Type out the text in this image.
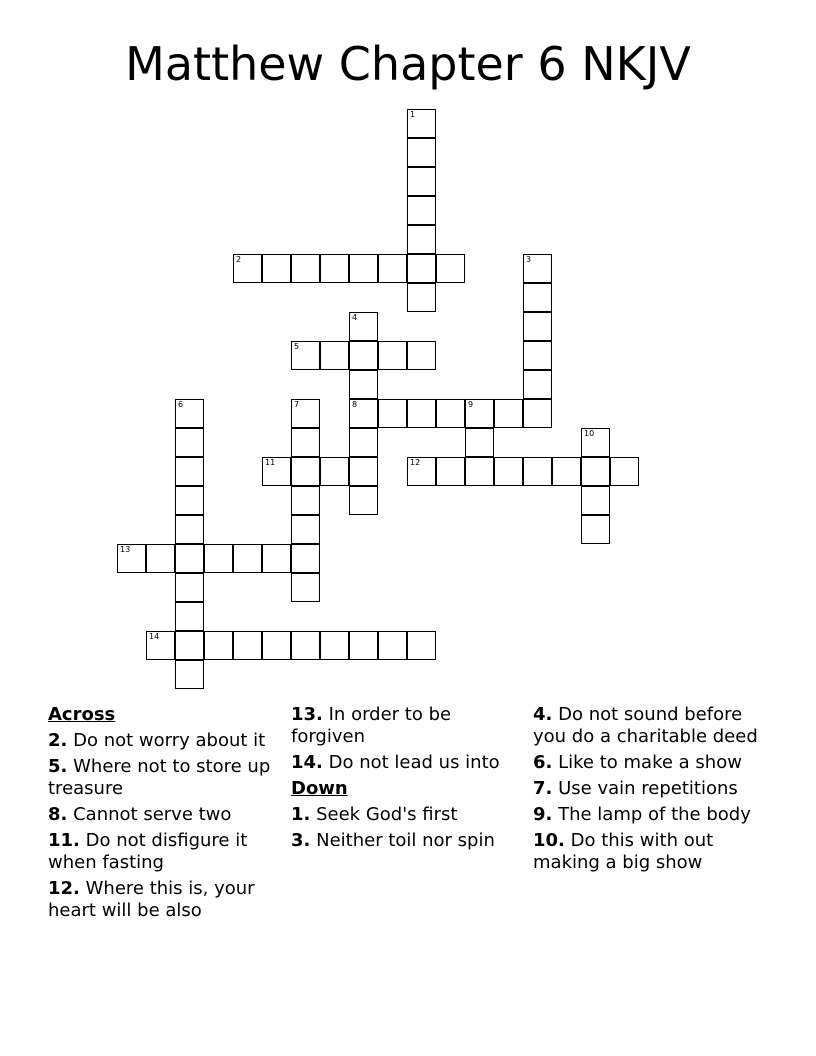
Matthew Chapter 6 NKJV
1
2	3
4
8
5
6	7	9
10
11	12
13
14
Across
2. Do not worry about it
5. Where not to store up treasure
8. Cannot serve two
11. Do not disfigure it when fasting
12. Where this is, your heart will be also
13. In order to be forgiven
14. Do not lead us into
Down
1. Seek God's first
3. Neither toil nor spin
4. Do not sound before you do a charitable deed
6. Like to make a show
7. Use vain repetitions
9. The lamp of the body
10. Do this with out making a big show
